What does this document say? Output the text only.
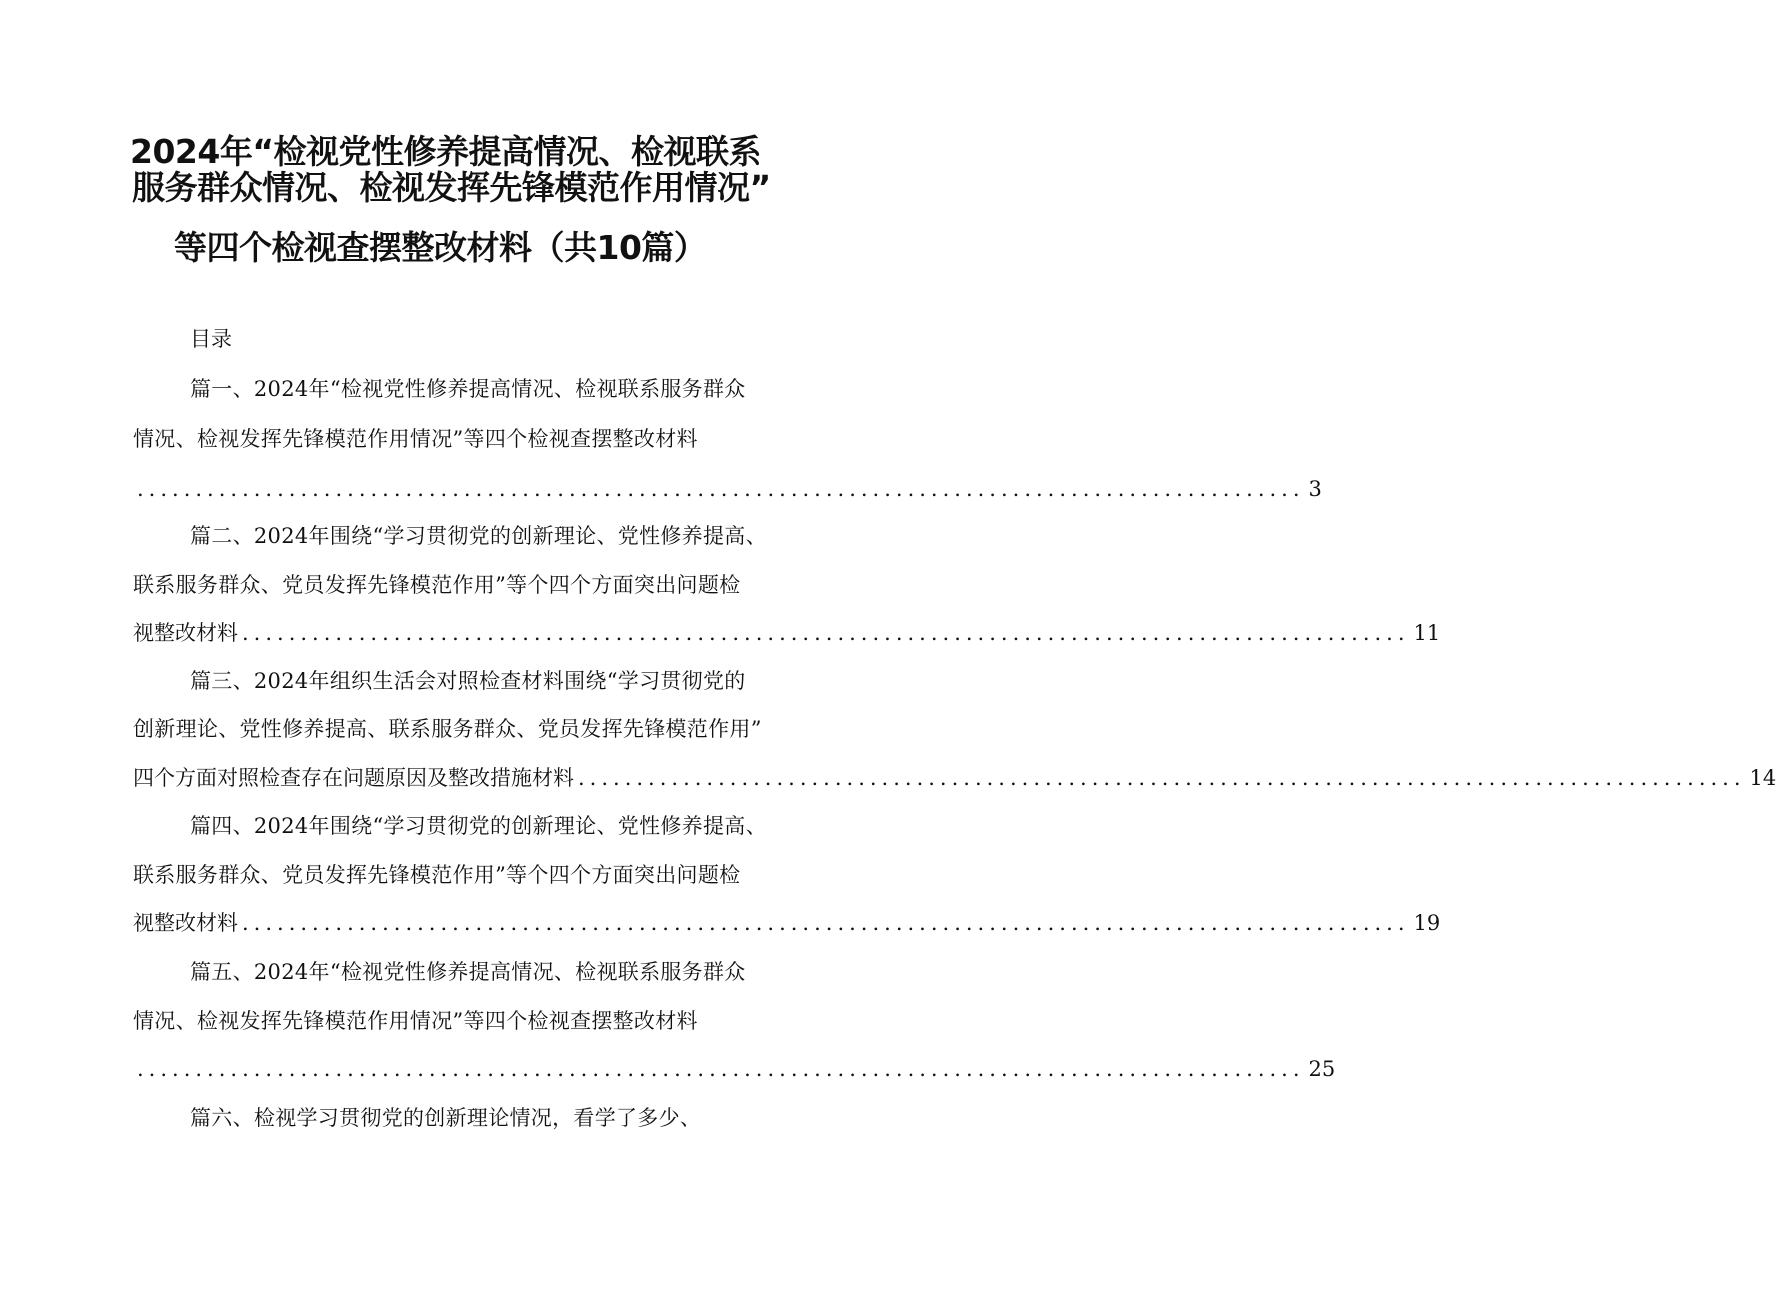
2024年“检视党性修养提高情况、检视联系
服务群众情况、检视发挥先锋模范作用情况”
等四个检视查摆整改材料（共10篇）
目录
篇一、2024年“检视党性修养提高情况、检视联系服务群众
情况、检视发挥先锋模范作用情况”等四个检视查摆整改材料
.................................................................................................... 3
篇二、2024年围绕“学习贯彻党的创新理论、党性修养提高、
联系服务群众、党员发挥先锋模范作用”等个四个方面突出问题检
视整改材料 .................................................................................................... 11
篇三、2024年组织生活会对照检查材料围绕“学习贯彻党的
创新理论、党性修养提高、联系服务群众、党员发挥先锋模范作用”
四个方面对照检查存在问题原因及整改措施材料 .................................................................................................... 14
篇四、2024年围绕“学习贯彻党的创新理论、党性修养提高、
联系服务群众、党员发挥先锋模范作用”等个四个方面突出问题检
视整改材料 .................................................................................................... 19
篇五、2024年“检视党性修养提高情况、检视联系服务群众
情况、检视发挥先锋模范作用情况”等四个检视查摆整改材料
.................................................................................................... 25
篇六、检视学习贯彻党的创新理论情况，看学了多少、
